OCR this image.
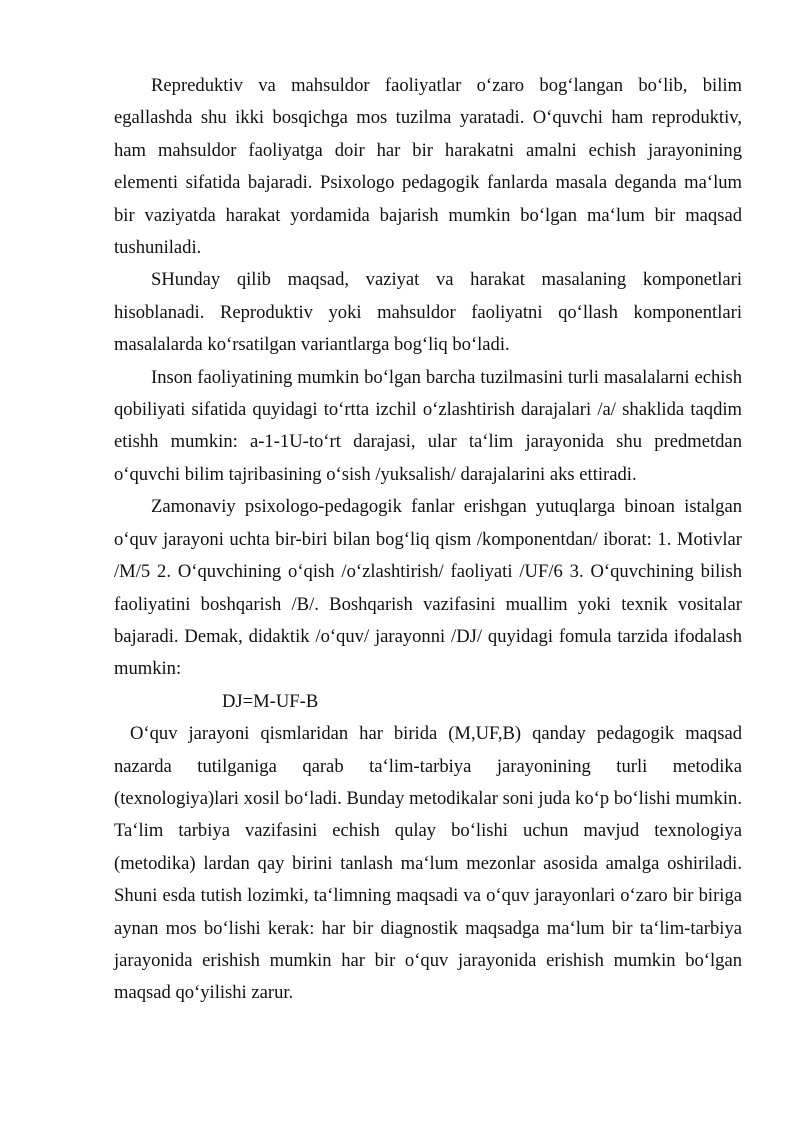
Repreduktiv va mahsuldor faoliyatlar o‘zaro bog‘langan bo‘lib, bilim egallashda shu ikki bosqichga mos tuzilma yaratadi. O‘quvchi ham reproduktiv, ham mahsuldor faoliyatga doir har bir harakatni amalni echish jarayonining elementi sifatida bajaradi. Psixologo pedagogik fanlarda masala deganda ma‘lum bir vaziyatda harakat yordamida bajarish mumkin bo‘lgan ma‘lum bir maqsad tushuniladi.

SHunday qilib maqsad, vaziyat va harakat masalaning komponetlari hisoblanadi. Reproduktiv yoki mahsuldor faoliyatni qo‘llash komponentlari masalalarda ko‘rsatilgan variantlarga bog‘liq bo‘ladi.

Inson faoliyatining mumkin bo‘lgan barcha tuzilmasini turli masalalarni echish qobiliyati sifatida quyidagi to‘rtta izchil o‘zlashtirish darajalari /a/ shaklida taqdim etishh mumkin: a-1-1U-to‘rt darajasi, ular ta‘lim jarayonida shu predmetdan o‘quvchi bilim tajribasining o‘sish /yuksalish/ darajalarini aks ettiradi.

Zamonaviy psixologo-pedagogik fanlar erishgan yutuqlarga binoan istalgan o‘quv jarayoni uchta bir-biri bilan bog‘liq qism /komponentdan/ iborat: 1. Motivlar /M/5 2. O‘quvchining o‘qish /o‘zlashtirish/ faoliyati /UF/6 3. O‘quvchining bilish faoliyatini boshqarish /B/. Boshqarish vazifasini muallim yoki texnik vositalar bajaradi. Demak, didaktik /o‘quv/ jarayonni /DJ/ quyidagi fomula tarzida ifodalash mumkin:

DJ=M-UF-B

O‘quv jarayoni qismlaridan har birida (M,UF,B) qanday pedagogik maqsad nazarda tutilganiga qarab ta‘lim-tarbiya jarayonining turli metodika (texnologiya)lari xosil bo‘ladi. Bunday metodikalar soni juda ko‘p bo‘lishi mumkin. Ta‘lim tarbiya vazifasini echish qulay bo‘lishi uchun mavjud texnologiya (metodika) lardan qay birini tanlash ma‘lum mezonlar asosida amalga oshiriladi. Shuni esda tutish lozimki, ta‘limning maqsadi va o‘quv jarayonlari o‘zaro bir biriga aynan mos bo‘lishi kerak: har bir diagnostik maqsadga ma‘lum bir ta‘lim-tarbiya jarayonida erishish mumkin har bir o‘quv jarayonida erishish mumkin bo‘lgan maqsad qo‘yilishi zarur.
